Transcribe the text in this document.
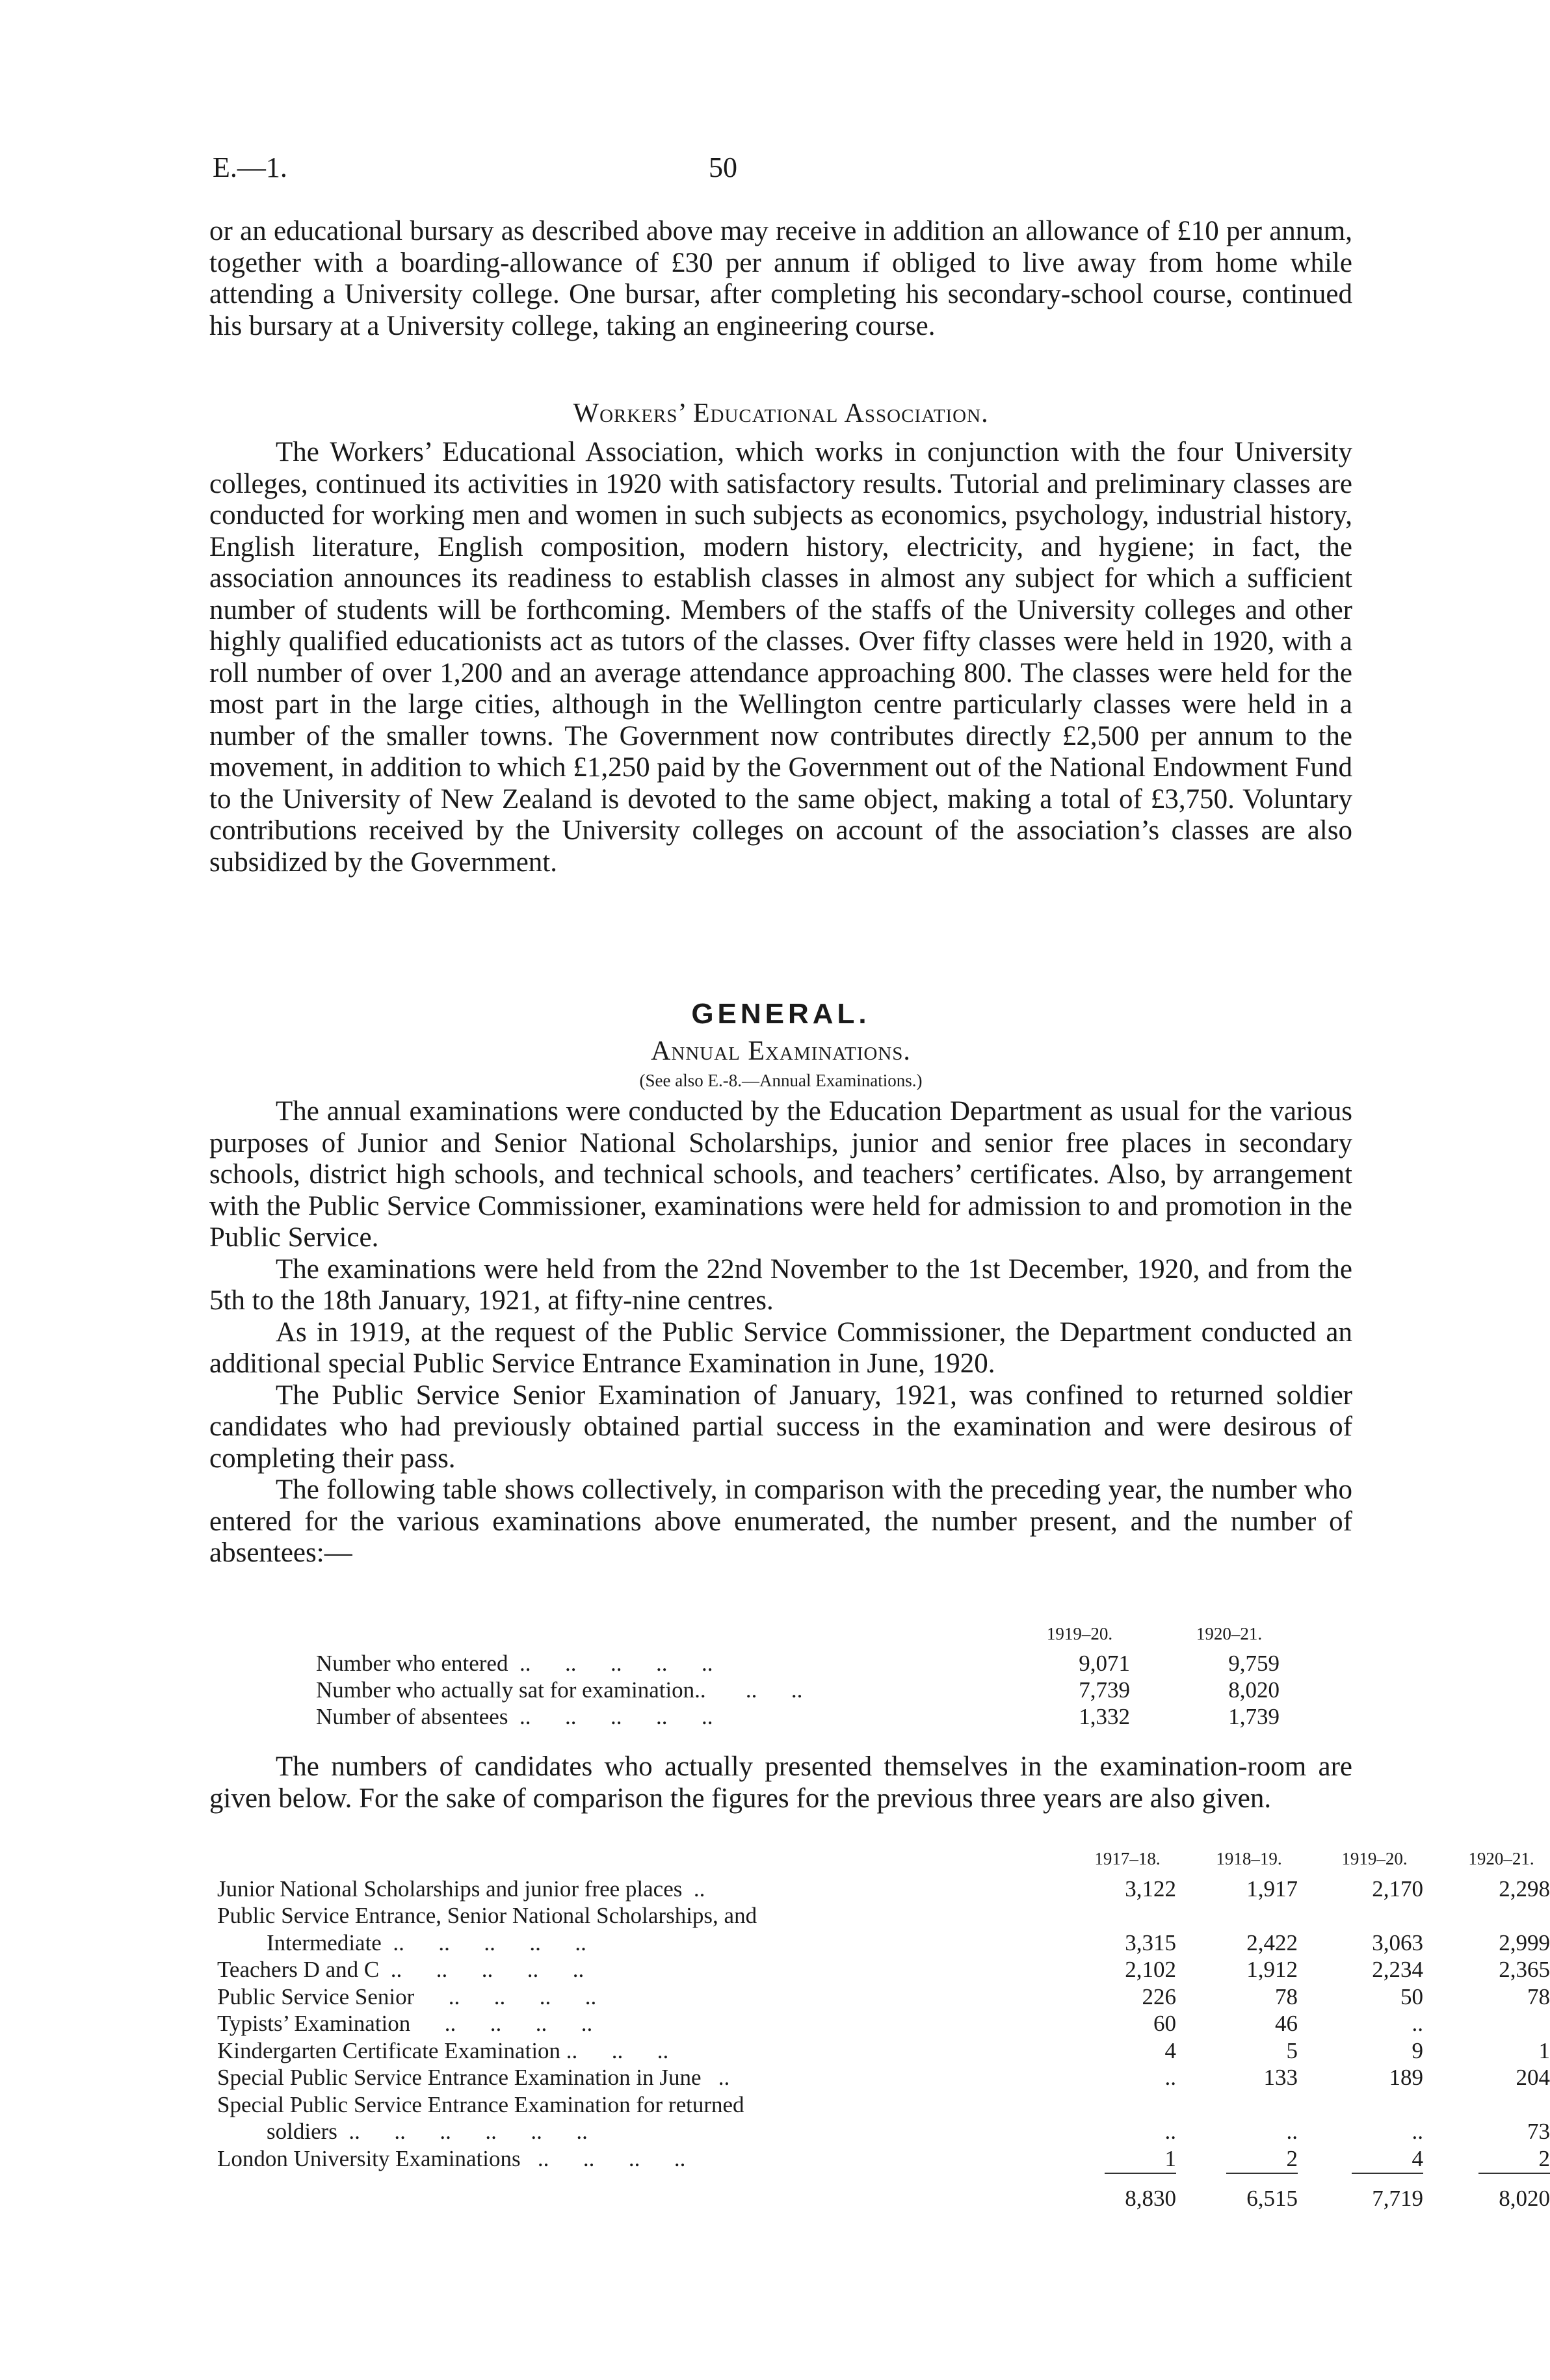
E.—1.	50

or an educational bursary as described above may receive in addition an allowance of £10 per annum, together with a boarding-allowance of £30 per annum if obliged to live away from home while attending a University college. One bursar, after completing his secondary-school course, continued his bursary at a University college, taking an engineering course.

Workers’ Educational Association.

The Workers’ Educational Association, which works in conjunction with the four University colleges, continued its activities in 1920 with satisfactory results. Tutorial and preliminary classes are conducted for working men and women in such subjects as economics, psychology, industrial history, English literature, English composition, modern history, electricity, and hygiene; in fact, the association announces its readiness to establish classes in almost any subject for which a sufficient number of students will be forthcoming. Members of the staffs of the University colleges and other highly qualified educationists act as tutors of the classes. Over fifty classes were held in 1920, with a roll number of over 1,200 and an average attendance approaching 800. The classes were held for the most part in the large cities, although in the Wellington centre particularly classes were held in a number of the smaller towns. The Government now contributes directly £2,500 per annum to the movement, in addition to which £1,250 paid by the Government out of the National Endowment Fund to the University of New Zealand is devoted to the same object, making a total of £3,750. Voluntary contributions received by the University colleges on account of the association’s classes are also subsidized by the Government.

GENERAL.

Annual Examinations.

(See also E.-8.—Annual Examinations.)

The annual examinations were conducted by the Education Department as usual for the various purposes of Junior and Senior National Scholarships, junior and senior free places in secondary schools, district high schools, and technical schools, and teachers’ certificates. Also, by arrangement with the Public Service Commissioner, examinations were held for admission to and promotion in the Public Service.

The examinations were held from the 22nd November to the 1st December, 1920, and from the 5th to the 18th January, 1921, at fifty-nine centres.

As in 1919, at the request of the Public Service Commissioner, the Department conducted an additional special Public Service Entrance Examination in June, 1920.

The Public Service Senior Examination of January, 1921, was confined to returned soldier candidates who had previously obtained partial success in the examination and were desirous of completing their pass.

The following table shows collectively, in comparison with the preceding year, the number who entered for the various examinations above enumerated, the number present, and the number of absentees:—

1919–20.	1920–21.
Number who entered  ..      ..      ..      ..      ..	9,071	9,759
Number who actually sat for examination..       ..      ..	7,739	8,020
Number of absentees  ..      ..      ..      ..      ..	1,332	1,739

The numbers of candidates who actually presented themselves in the examination-room are given below. For the sake of comparison the figures for the previous three years are also given.

1917–18.	1918–19.	1919–20.	1920–21.
Junior National Scholarships and junior free places  ..	3,122	1,917	2,170	2,298
Public Service Entrance, Senior National Scholarships, and
Intermediate  ..      ..      ..      ..      ..	3,315	2,422	3,063	2,999
Teachers D and C  ..      ..      ..      ..      ..	2,102	1,912	2,234	2,365
Public Service Senior      ..      ..      ..      ..	226	78	50	78
Typists’ Examination      ..      ..      ..      ..	60	46	..
Kindergarten Certificate Examination ..      ..      ..	4	5	9	1
Special Public Service Entrance Examination in June   ..	..	133	189	204
Special Public Service Entrance Examination for returned
soldiers  ..      ..      ..      ..      ..      ..	..	..	..	73
London University Examinations   ..      ..      ..      ..	1	2	4	2
8,830	6,515	7,719	8,020
